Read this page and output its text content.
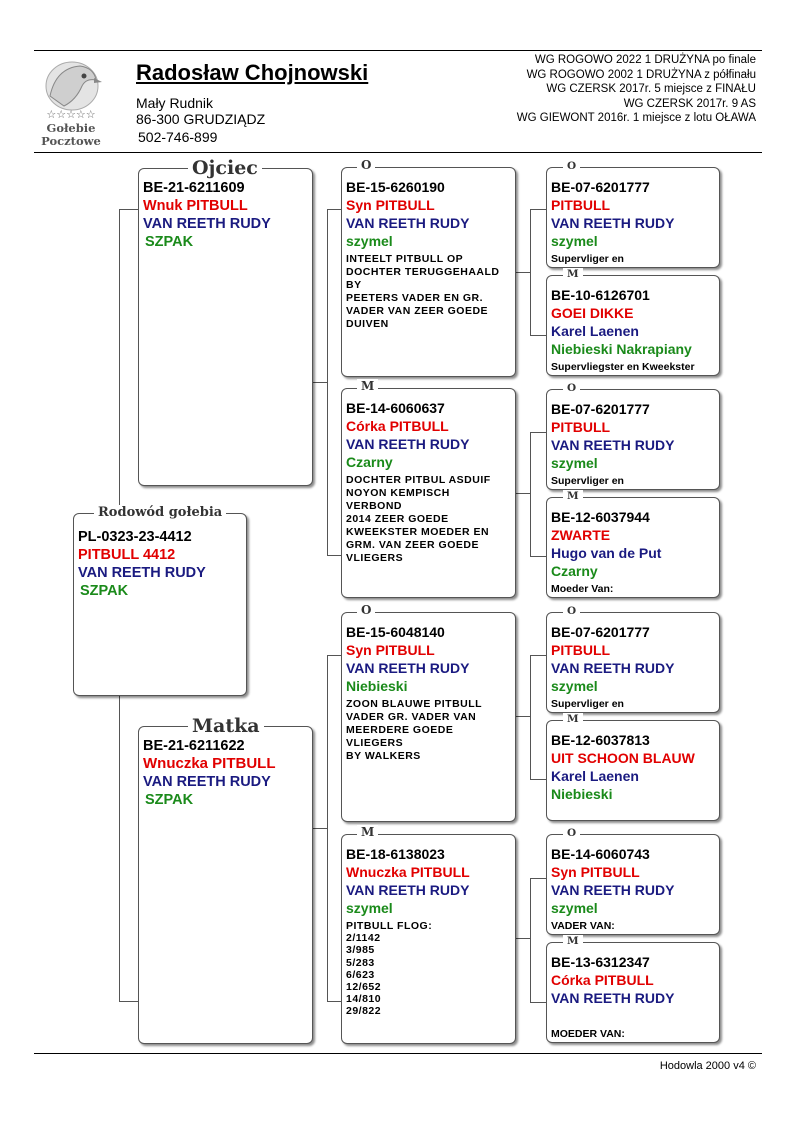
☆☆☆☆☆
Gołebie
Pocztowe
Radosław Chojnowski
Mały Rudnik
86-300 GRUDZIĄDZ
502-746-899
WG ROGOWO 2022 1 DRUŻYNA po finale
WG ROGOWO 2002 1 DRUŻYNA z półfinału
WG CZERSK 2017r. 5 miejsce z FINAŁU
WG CZERSK 2017r. 9 AS
WG GIEWONT 2016r. 1 miejsce z lotu OŁAWA
PL-0323-23-4412
PITBULL 4412
VAN REETH RUDY
SZPAK
Rodowód gołebia
BE-21-6211609
Wnuk PITBULL
VAN REETH RUDY
SZPAK
Ojciec
BE-21-6211622
Wnuczka PITBULL
VAN REETH RUDY
SZPAK
Matka
BE-15-6260190
Syn PITBULL
VAN REETH RUDY
szymel
INTEELT PITBULL OP
DOCHTER TERUGGEHAALD
BY
PEETERS VADER EN GR.
VADER VAN ZEER GOEDE
DUIVEN
O
BE-14-6060637
Córka PITBULL
VAN REETH RUDY
Czarny
DOCHTER PITBUL ASDUIF
NOYON KEMPISCH
VERBOND
2014 ZEER GOEDE
KWEEKSTER MOEDER EN
GRM. VAN ZEER GOEDE
VLIEGERS
M
BE-15-6048140
Syn PITBULL
VAN REETH RUDY
Niebieski
ZOON BLAUWE PITBULL
VADER GR. VADER VAN
MEERDERE GOEDE
VLIEGERS
BY WALKERS
O
BE-18-6138023
Wnuczka PITBULL
VAN REETH RUDY
szymel
PITBULL FLOG:
2/1142
3/985
5/283
6/623
12/652
14/810
29/822
M
BE-07-6201777
PITBULL
VAN REETH RUDY
szymel
Supervliger en
O
BE-10-6126701
GOEI DIKKE
Karel Laenen
Niebieski Nakrapiany
Supervliegster en Kweekster
M
BE-07-6201777
PITBULL
VAN REETH RUDY
szymel
Supervliger en
O
BE-12-6037944
ZWARTE
Hugo van de Put
Czarny
Moeder Van:
M
BE-07-6201777
PITBULL
VAN REETH RUDY
szymel
Supervliger en
O
BE-12-6037813
UIT SCHOON BLAUW
Karel Laenen
Niebieski
M
BE-14-6060743
Syn PITBULL
VAN REETH RUDY
szymel
VADER VAN:
O
BE-13-6312347
Córka PITBULL
VAN REETH RUDY
MOEDER VAN:
M
Hodowla 2000 v4 ©
